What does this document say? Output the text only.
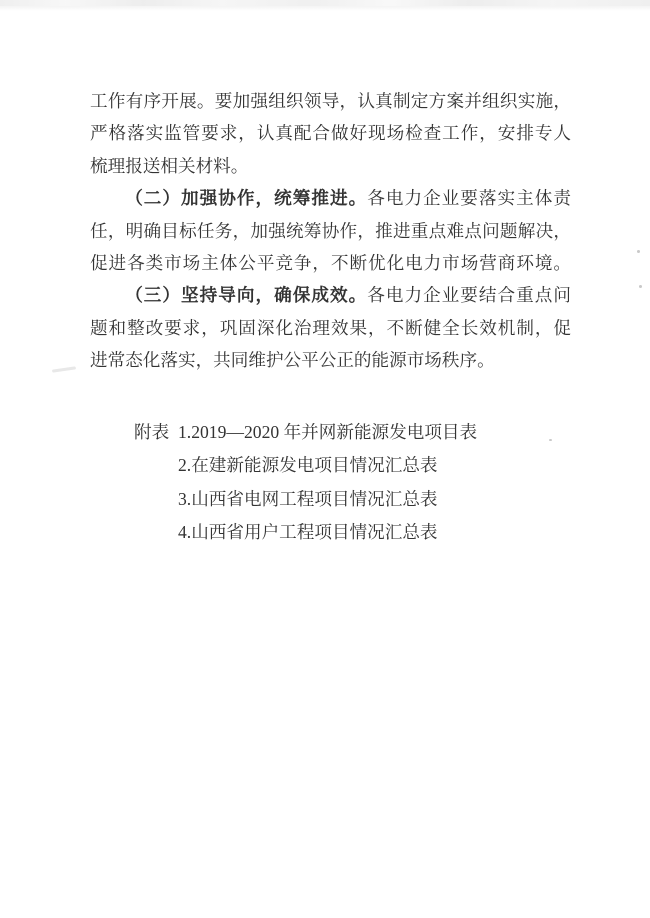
工作有序开展。要加强组织领导，认真制定方案并组织实施，
严格落实监管要求，认真配合做好现场检查工作，安排专人
梳理报送相关材料。
（二）加强协作，统筹推进。各电力企业要落实主体责
任，明确目标任务，加强统筹协作，推进重点难点问题解决，
促进各类市场主体公平竞争，不断优化电力市场营商环境。
（三）坚持导向，确保成效。各电力企业要结合重点问
题和整改要求，巩固深化治理效果，不断健全长效机制，促
进常态化落实，共同维护公平公正的能源市场秩序。
附表 1.2019—2020 年并网新能源发电项目表
2.在建新能源发电项目情况汇总表
3.山西省电网工程项目情况汇总表
4.山西省用户工程项目情况汇总表
